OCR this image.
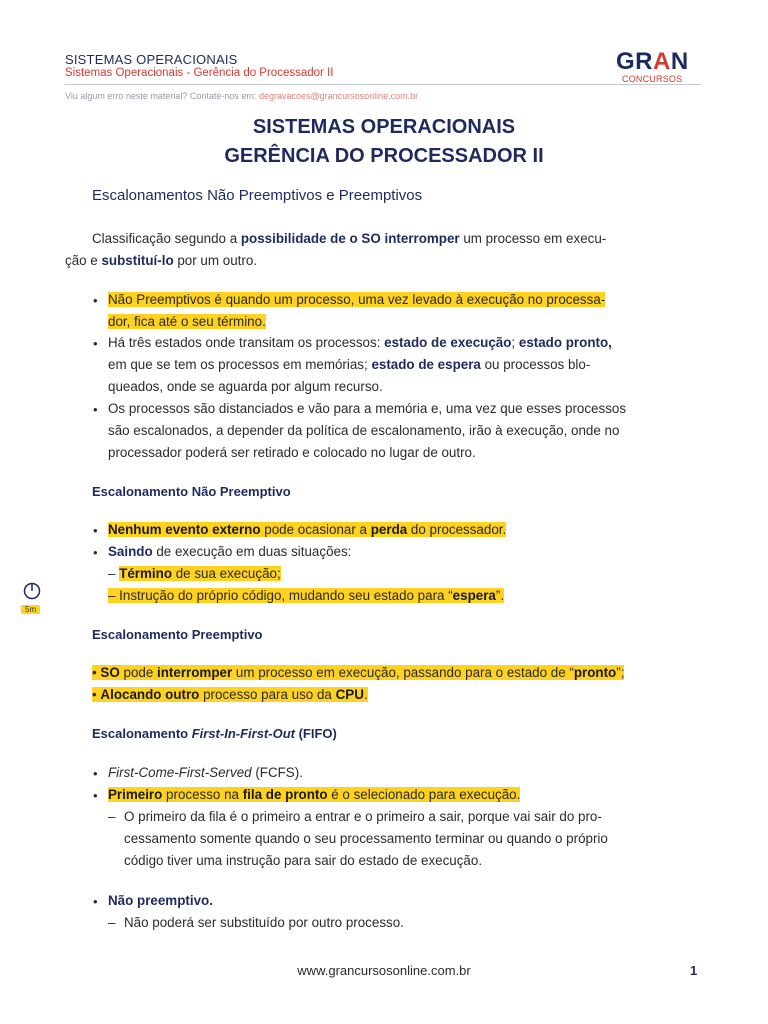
SISTEMAS OPERACIONAIS
Sistemas Operacionais - Gerência do Processador II
Viu algum erro neste material? Contate-nos em: degravacoes@grancursosonline.com.br
GRAN
CONCURSOS
SISTEMAS OPERACIONAIS
GERÊNCIA DO PROCESSADOR II
Escalonamentos Não Preemptivos e Preemptivos
Classificação segundo a possibilidade de o SO interromper um processo em execu-
ção e substituí-lo por um outro.
• Não Preemptivos é quando um processo, uma vez levado à execução no processa-
dor, fica até o seu término.
• Há três estados onde transitam os processos: estado de execução; estado pronto,
em que se tem os processos em memórias; estado de espera ou processos blo-
queados, onde se aguarda por algum recurso.
• Os processos são distanciados e vão para a memória e, uma vez que esses processos
são escalonados, a depender da política de escalonamento, irão à execução, onde no
processador poderá ser retirado e colocado no lugar de outro.
Escalonamento Não Preemptivo
• Nenhum evento externo pode ocasionar a perda do processador.
• Saindo de execução em duas situações:
– Término de sua execução;
– Instrução do próprio código, mudando seu estado para “espera”.
5m
Escalonamento Preemptivo
• SO pode interromper um processo em execução, passando para o estado de “pronto”;
• Alocando outro processo para uso da CPU.
Escalonamento First-In-First-Out (FIFO)
• First-Come-First-Served (FCFS).
• Primeiro processo na fila de pronto é o selecionado para execução.
– O primeiro da fila é o primeiro a entrar e o primeiro a sair, porque vai sair do pro-
cessamento somente quando o seu processamento terminar ou quando o próprio
código tiver uma instrução para sair do estado de execução.
• Não preemptivo.
– Não poderá ser substituído por outro processo.
www.grancursosonline.com.br	1
